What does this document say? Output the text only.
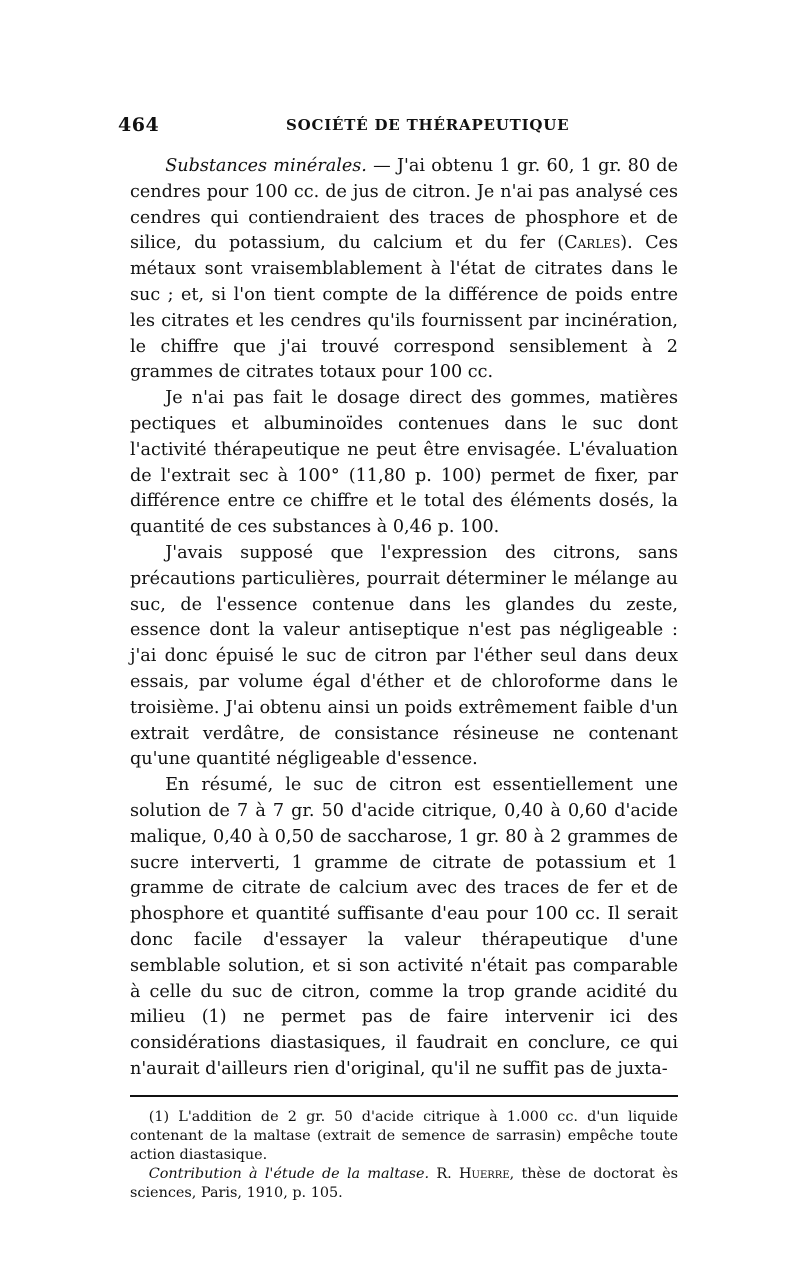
464	SOCIÉTÉ DE THÉRAPEUTIQUE

Substances minérales. — J'ai obtenu 1 gr. 60, 1 gr. 80 de cendres pour 100 cc. de jus de citron. Je n'ai pas analysé ces cendres qui contiendraient des traces de phosphore et de silice, du potassium, du calcium et du fer (Carles). Ces métaux sont vraisemblablement à l'état de citrates dans le suc ; et, si l'on tient compte de la différence de poids entre les citrates et les cendres qu'ils fournissent par incinération, le chiffre que j'ai trouvé correspond sensiblement à 2 grammes de citrates totaux pour 100 cc.

Je n'ai pas fait le dosage direct des gommes, matières pectiques et albuminoïdes contenues dans le suc dont l'activité thérapeutique ne peut être envisagée. L'évaluation de l'extrait sec à 100° (11,80 p. 100) permet de fixer, par différence entre ce chiffre et le total des éléments dosés, la quantité de ces substances à 0,46 p. 100.

J'avais supposé que l'expression des citrons, sans précautions particulières, pourrait déterminer le mélange au suc, de l'essence contenue dans les glandes du zeste, essence dont la valeur antiseptique n'est pas négligeable : j'ai donc épuisé le suc de citron par l'éther seul dans deux essais, par volume égal d'éther et de chloroforme dans le troisième. J'ai obtenu ainsi un poids extrêmement faible d'un extrait verdâtre, de consistance résineuse ne contenant qu'une quantité négligeable d'essence.

En résumé, le suc de citron est essentiellement une solution de 7 à 7 gr. 50 d'acide citrique, 0,40 à 0,60 d'acide malique, 0,40 à 0,50 de saccharose, 1 gr. 80 à 2 grammes de sucre interverti, 1 gramme de citrate de potassium et 1 gramme de citrate de calcium avec des traces de fer et de phosphore et quantité suffisante d'eau pour 100 cc. Il serait donc facile d'essayer la valeur thérapeutique d'une semblable solution, et si son activité n'était pas comparable à celle du suc de citron, comme la trop grande acidité du milieu (1) ne permet pas de faire intervenir ici des considérations diastasiques, il faudrait en conclure, ce qui n'aurait d'ailleurs rien d'original, qu'il ne suffit pas de juxta-

(1) L'addition de 2 gr. 50 d'acide citrique à 1.000 cc. d'un liquide contenant de la maltase (extrait de semence de sarrasin) empêche toute action diastasique.

Contribution à l'étude de la maltase. R. Huerre, thèse de doctorat ès sciences, Paris, 1910, p. 105.
